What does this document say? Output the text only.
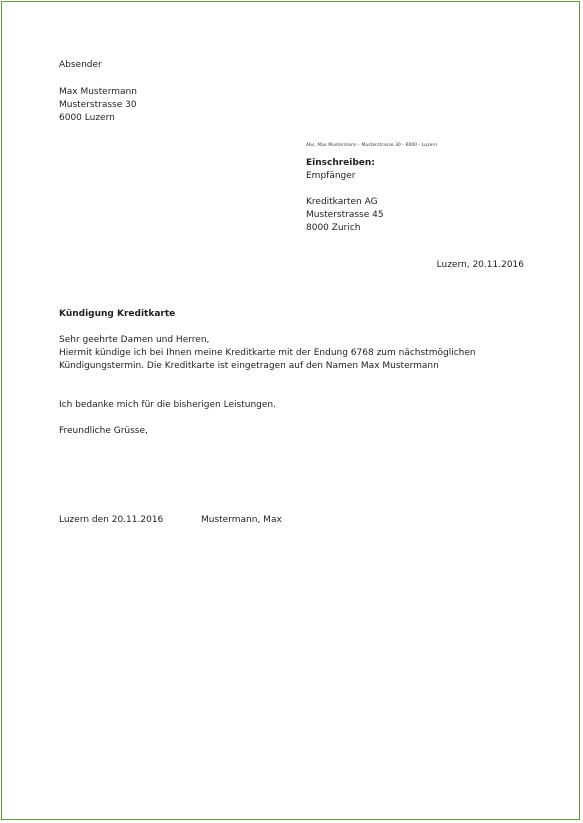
Absender
Max Mustermann
Musterstrasse 30
6000 Luzern
Abs. Max Mustermann - Musterstrasse 30 - 6000 - Luzern
Einschreiben:
Empfänger
Kreditkarten AG
Musterstrasse 45
8000 Zurich
Luzern, 20.11.2016
Kündigung Kreditkarte
Sehr geehrte Damen und Herren,
Hiermit kündige ich bei Ihnen meine Kreditkarte mit der Endung 6768 zum nächstmöglichen
Kündigungstermin. Die Kreditkarte ist eingetragen auf den Namen Max Mustermann
Ich bedanke mich für die bisherigen Leistungen.
Freundliche Grüsse,
Luzern den 20.11.2016	Mustermann, Max
